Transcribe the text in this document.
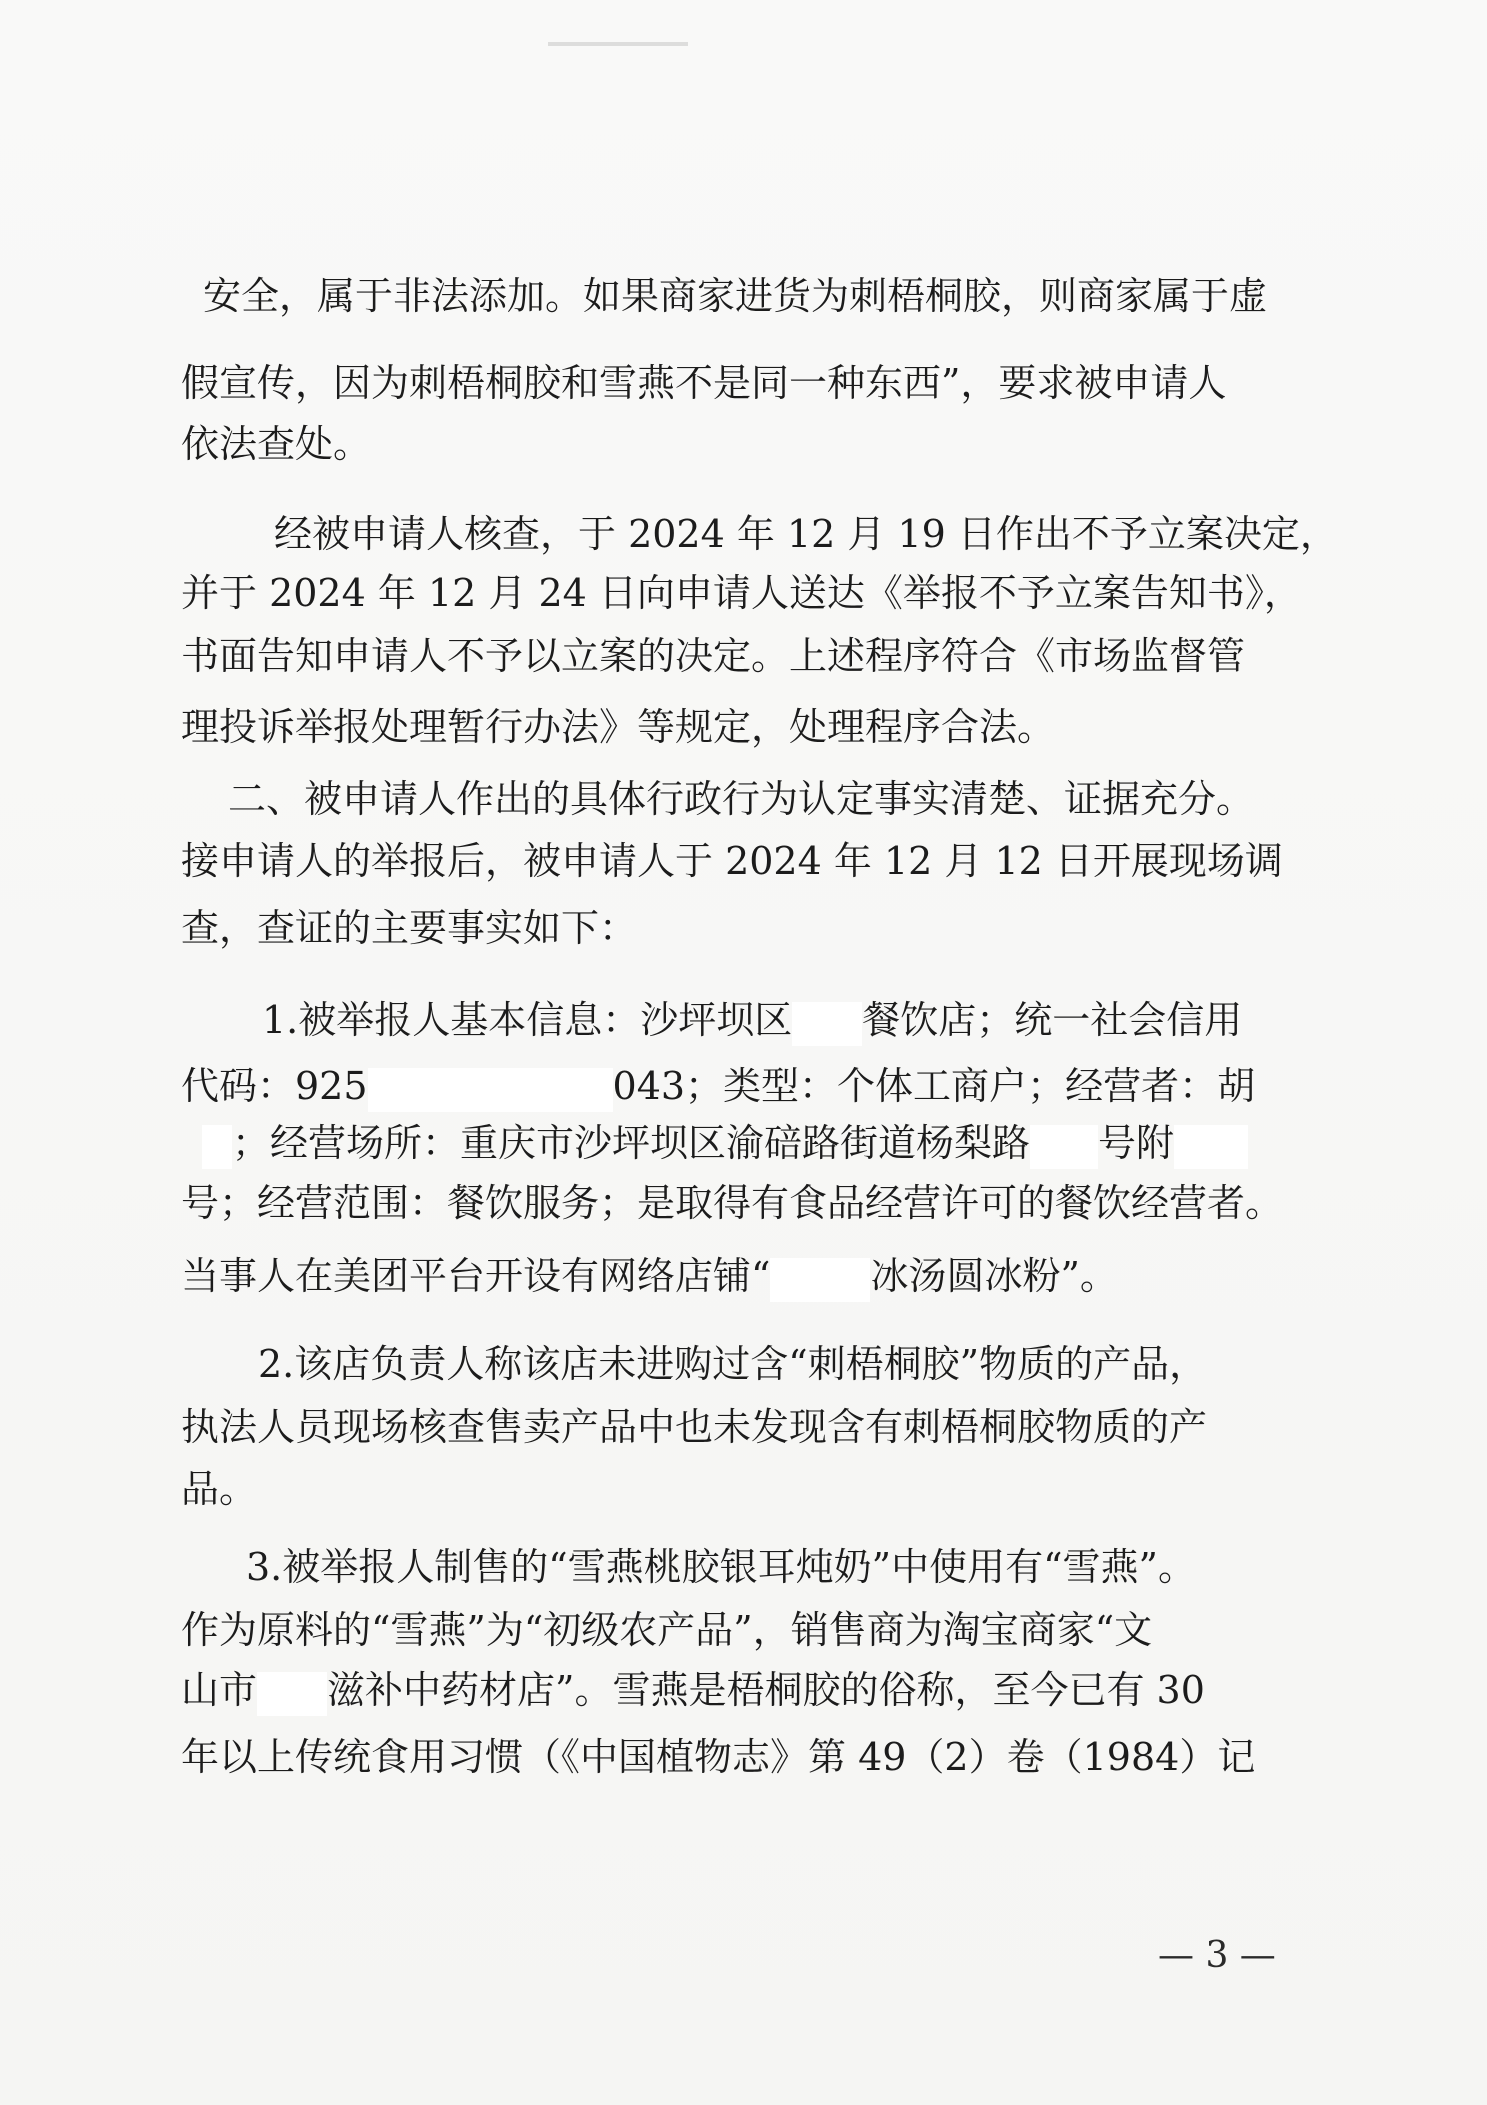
安全，属于非法添加。如果商家进货为刺梧桐胶，则商家属于虚
假宣传，因为刺梧桐胶和雪燕不是同一种东西”，要求被申请人
依法查处。
经被申请人核查，于 2024 年 12 月 19 日作出不予立案决定，
并于 2024 年 12 月 24 日向申请人送达《举报不予立案告知书》，
书面告知申请人不予以立案的决定。上述程序符合《市场监督管
理投诉举报处理暂行办法》等规定，处理程序合法。
二、被申请人作出的具体行政行为认定事实清楚、证据充分。
接申请人的举报后，被申请人于 2024 年 12 月 12 日开展现场调
查，查证的主要事实如下：
1.被举报人基本信息：沙坪坝区 餐饮店；统一社会信用
代码：925	043；类型：个体工商户；经营者：胡
；经营场所：重庆市沙坪坝区渝碚路街道杨梨路 号附
号；经营范围：餐饮服务；是取得有食品经营许可的餐饮经营者。
当事人在美团平台开设有网络店铺“	冰汤圆冰粉”。
2.该店负责人称该店未进购过含“刺梧桐胶”物质的产品，
执法人员现场核查售卖产品中也未发现含有刺梧桐胶物质的产
品。
3.被举报人制售的“雪燕桃胶银耳炖奶”中使用有“雪燕”。
作为原料的“雪燕”为“初级农产品”，销售商为淘宝商家“文
山市 滋补中药材店”。雪燕是梧桐胶的俗称，至今已有 30
年以上传统食用习惯（《中国植物志》第 49（2）卷（1984）记
— 3 —
